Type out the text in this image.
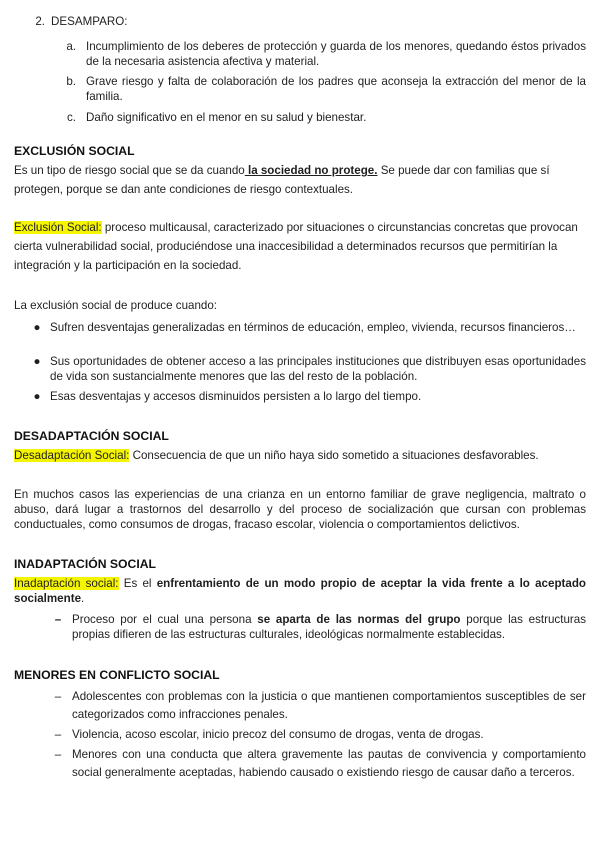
2. DESAMPARO:
a. Incumplimiento de los deberes de protección y guarda de los menores, quedando éstos privados de la necesaria asistencia afectiva y material.
b. Grave riesgo y falta de colaboración de los padres que aconseja la extracción del menor de la familia.
c. Daño significativo en el menor en su salud y bienestar.
EXCLUSIÓN SOCIAL
Es un tipo de riesgo social que se da cuando la sociedad no protege. Se puede dar con familias que sí protegen, porque se dan ante condiciones de riesgo contextuales.
Exclusión Social: proceso multicausal, caracterizado por situaciones o circunstancias concretas que provocan cierta vulnerabilidad social, produciéndose una inaccesibilidad a determinados recursos que permitirían la integración y la participación en la sociedad.
La exclusión social de produce cuando:
● Sufren desventajas generalizadas en términos de educación, empleo, vivienda, recursos financieros…
● Sus oportunidades de obtener acceso a las principales instituciones que distribuyen esas oportunidades de vida son sustancialmente menores que las del resto de la población.
● Esas desventajas y accesos disminuidos persisten a lo largo del tiempo.
DESADAPTACIÓN SOCIAL
Desadaptación Social: Consecuencia de que un niño haya sido sometido a situaciones desfavorables.
En muchos casos las experiencias de una crianza en un entorno familiar de grave negligencia, maltrato o abuso, dará lugar a trastornos del desarrollo y del proceso de socialización que cursan con problemas conductuales, como consumos de drogas, fracaso escolar, violencia o comportamientos delictivos.
INADAPTACIÓN SOCIAL
Inadaptación social: Es el enfrentamiento de un modo propio de aceptar la vida frente a lo aceptado socialmente.
– Proceso por el cual una persona se aparta de las normas del grupo porque las estructuras propias difieren de las estructuras culturales, ideológicas normalmente establecidas.
MENORES EN CONFLICTO SOCIAL
– Adolescentes con problemas con la justicia o que mantienen comportamientos susceptibles de ser categorizados como infracciones penales.
– Violencia, acoso escolar, inicio precoz del consumo de drogas, venta de drogas.
– Menores con una conducta que altera gravemente las pautas de convivencia y comportamiento social generalmente aceptadas, habiendo causado o existiendo riesgo de causar daño a terceros.
